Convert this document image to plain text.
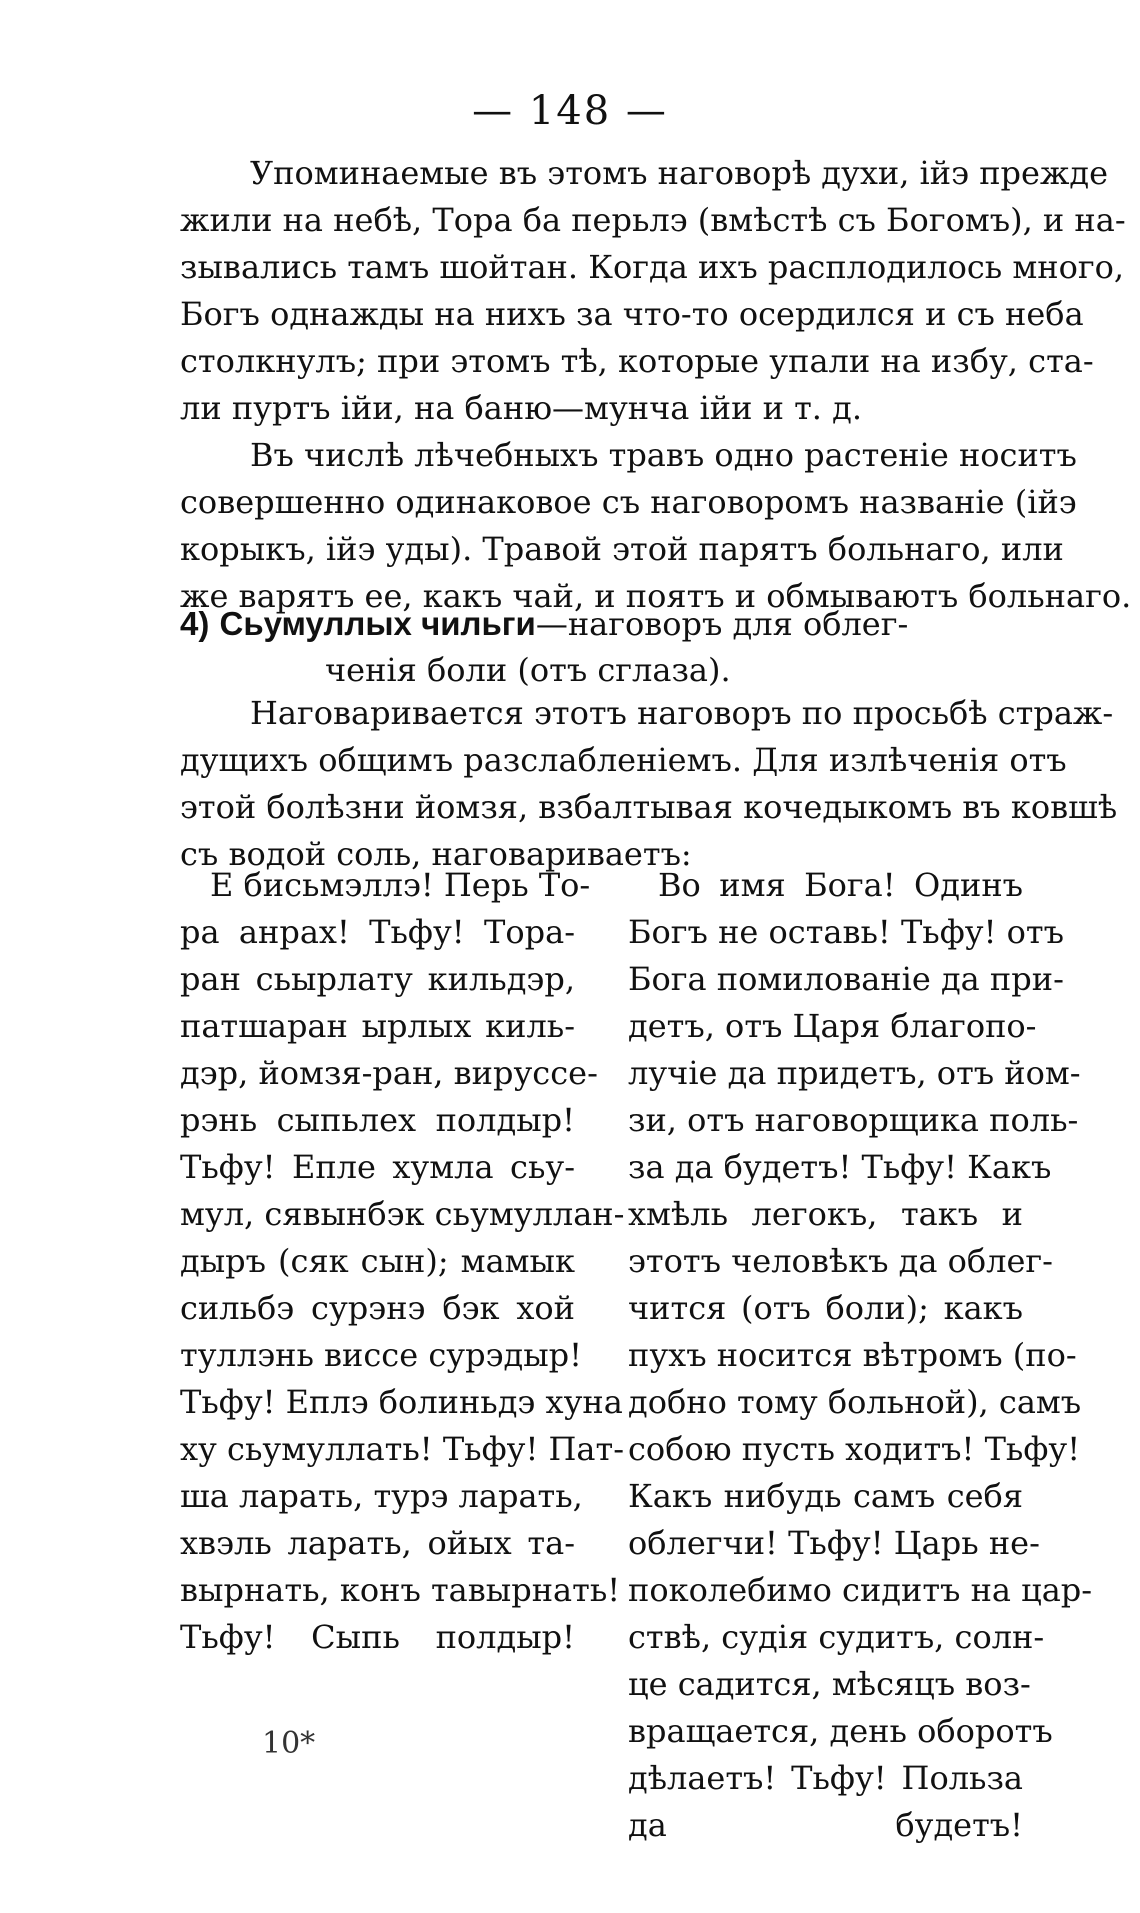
— 148 —
Упоминаемые въ этомъ наговорѣ духи, iйэ прежде
жили на небѣ, Тора ба перьлэ (вмѣстѣ съ Богомъ), и на-
зывались тамъ шойтан. Когда ихъ расплодилось много,
Богъ однажды на нихъ за что-то осердился и съ неба
столкнулъ; при этомъ тѣ, которые упали на избу, ста-
ли пуртъ iйи, на баню—мунча iйи и т. д.
Въ числѣ лѣчебныхъ травъ одно растенiе носитъ
совершенно одинаковое съ наговоромъ названiе (iйэ
корыкъ, iйэ уды). Травой этой парятъ больнаго, или
же варятъ ее, какъ чай, и поятъ и обмываютъ больнаго.
4) Сьумуллых чильги—наговоръ для облег-
ченiя боли (отъ сглаза).
Наговаривается этотъ наговоръ по просьбѣ страж-
дущихъ общимъ разслабленiемъ. Для излѣченiя отъ
этой болѣзни йомзя, взбалтывая кочедыкомъ въ ковшѣ
съ водой соль, наговариваетъ:
Е бисьмэллэ! Перь То-
ра анрах! Тьфу! Тора-
ран сьырлату кильдэр,
патшаран ырлых киль-
дэр, йомзя-ран, вирусcе-
рэнь сыпьлех полдыр!
Тьфу! Епле хумла сьу-
мул, сявынбэк сьумуллан-
дыръ (сяк сын); мамык
сильбэ сурэнэ бэк хой
туллэнь висcе сурэдыр!
Тьфу! Еплэ болиньдэ хуна
ху сьумуллать! Тьфу! Пат-
ша ларать, турэ ларать,
хвэль ларать, ойых та-
вырнать, конъ тавырнать!
Тьфу! Сыпь полдыр!
Во имя Бога! Одинъ
Богъ не оставь! Тьфу! отъ
Бога помилованiе да при-
детъ, отъ Царя благопо-
лучiе да придетъ, отъ йом-
зи, отъ наговорщика поль-
за да будетъ! Тьфу! Какъ
хмѣль легокъ, такъ и
этотъ человѣкъ да облег-
чится (отъ боли); какъ
пухъ носится вѣтромъ (по-
добно тому больной), самъ
собою пусть ходитъ! Тьфу!
Какъ нибудь самъ себя
облегчи! Тьфу! Царь не-
поколебимо сидитъ на цар-
ствѣ, судiя судитъ, солн-
це садится, мѣсяцъ воз-
вращается, день оборотъ
дѣлаетъ! Тьфу! Польза
да будетъ!
10*
